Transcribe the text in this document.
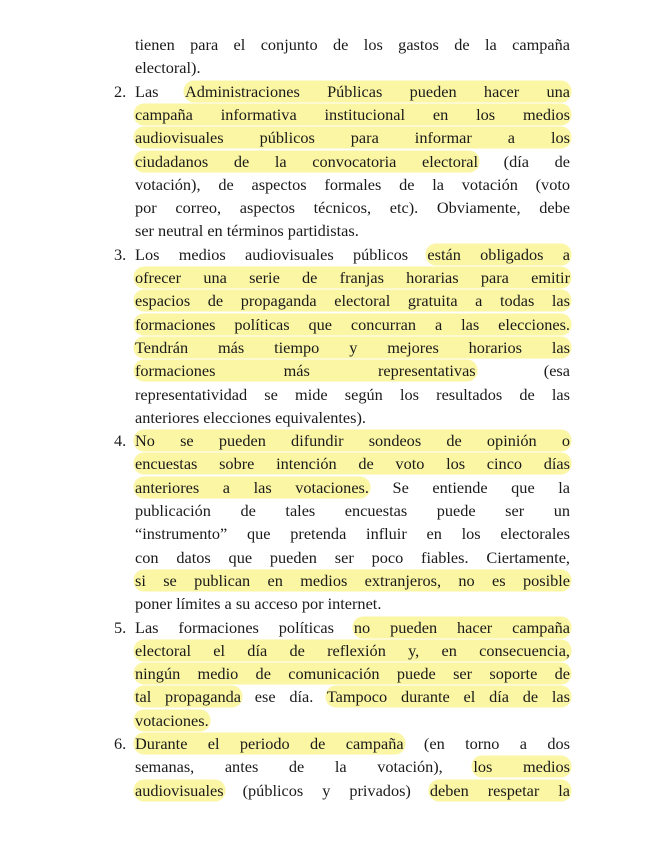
tienen para el conjunto de los gastos de la campaña
electoral).
2. Las Administraciones Públicas pueden hacer una
campaña informativa institucional en los medios
audiovisuales públicos para informar a los
ciudadanos de la convocatoria electoral (día de
votación), de aspectos formales de la votación (voto
por correo, aspectos técnicos, etc). Obviamente, debe
ser neutral en términos partidistas.
3. Los medios audiovisuales públicos están obligados a
ofrecer una serie de franjas horarias para emitir
espacios de propaganda electoral gratuita a todas las
formaciones políticas que concurran a las elecciones.
Tendrán más tiempo y mejores horarios las
formaciones más representativas (esa
representatividad se mide según los resultados de las
anteriores elecciones equivalentes).
4. No se pueden difundir sondeos de opinión o
encuestas sobre intención de voto los cinco días
anteriores a las votaciones. Se entiende que la
publicación de tales encuestas puede ser un
“instrumento” que pretenda influir en los electorales
con datos que pueden ser poco fiables. Ciertamente,
si se publican en medios extranjeros, no es posible
poner límites a su acceso por internet.
5. Las formaciones políticas no pueden hacer campaña
electoral el día de reflexión y, en consecuencia,
ningún medio de comunicación puede ser soporte de
tal propaganda ese día. Tampoco durante el día de las
votaciones.
6. Durante el periodo de campaña (en torno a dos
semanas, antes de la votación), los medios
audiovisuales (públicos y privados) deben respetar la
